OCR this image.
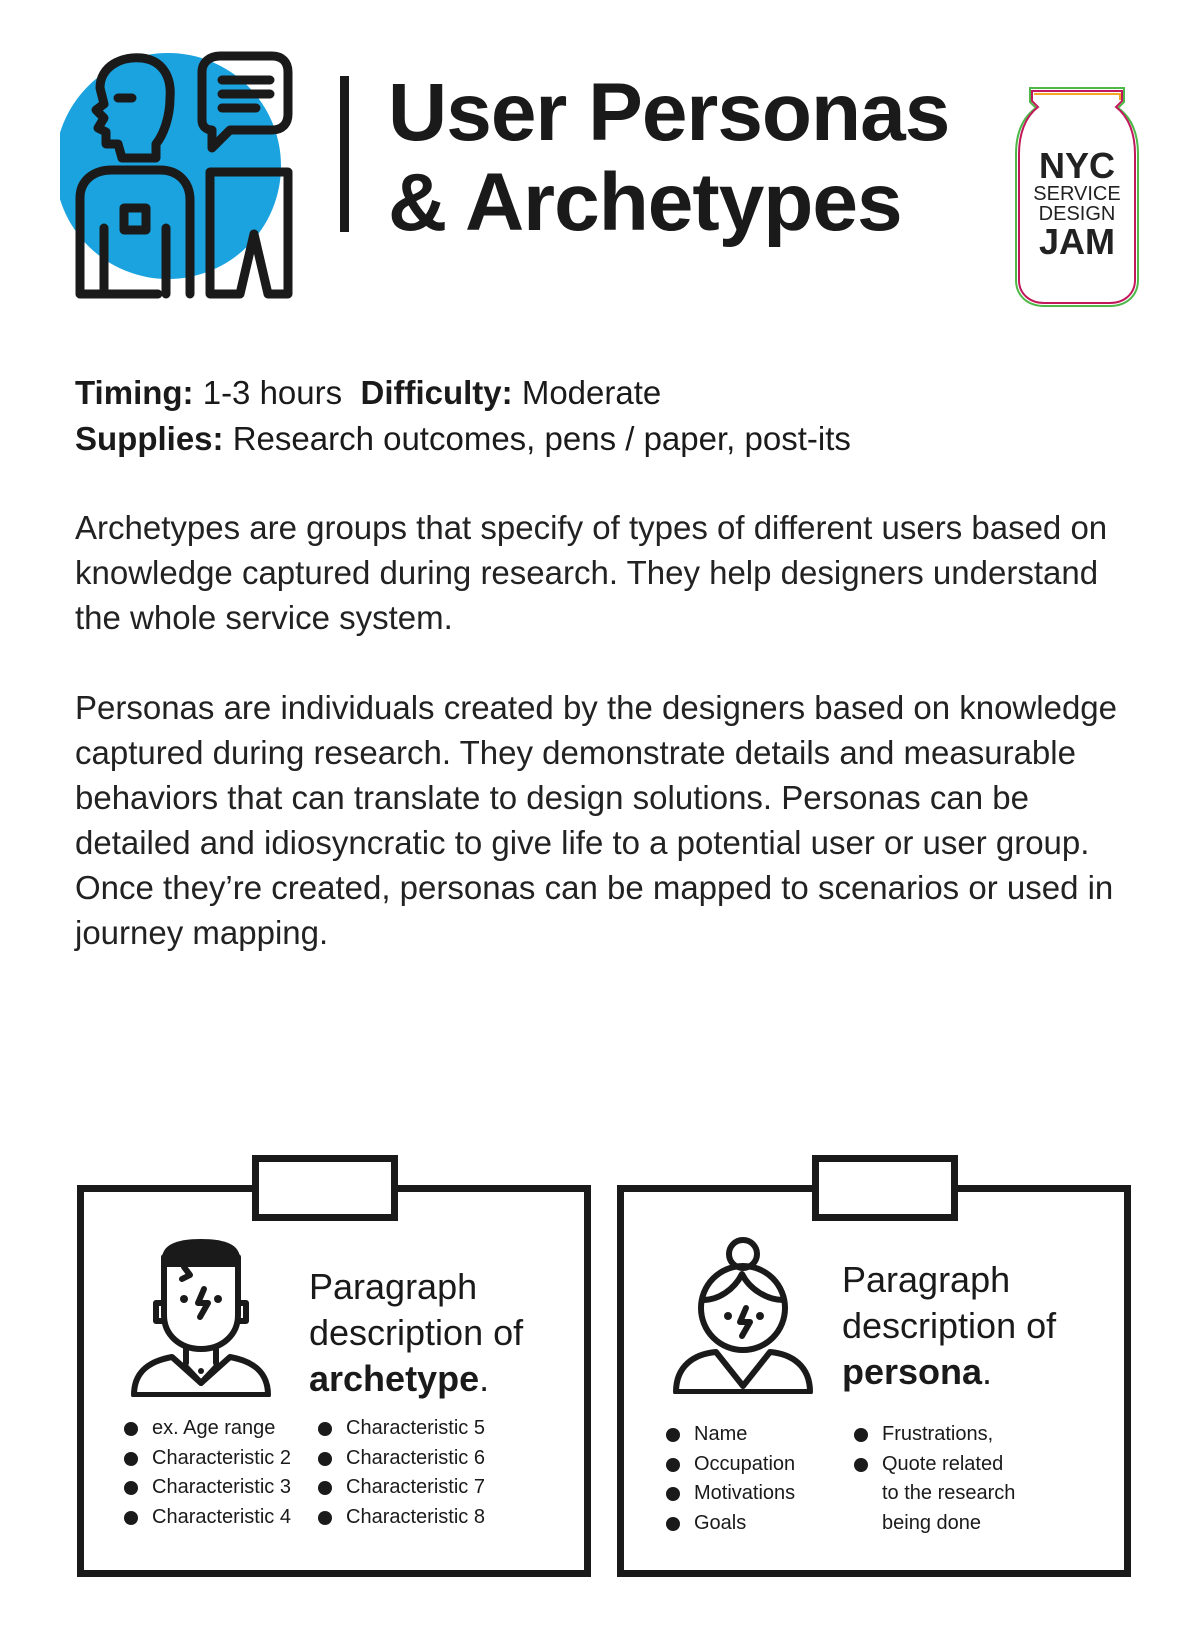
User Personas
& Archetypes	NYC
SERVICE
DESIGN
JAM
Timing: 1-3 hours Difficulty: Moderate
Supplies: Research outcomes, pens / paper, post-its

Archetypes are groups that specify of types of different users based on knowledge captured during research. They help designers understand the whole service system.

Personas are individuals created by the designers based on knowledge captured during research. They demonstrate details and measurable behaviors that can translate to design solutions. Personas can be detailed and idiosyncratic to give life to a potential user or user group. Once they’re created, personas can be mapped to scenarios or used in journey mapping.

Paragraph
description of
archetype.
ex. Age range
Characteristic 2
Characteristic 3
Characteristic 4
Characteristic 5
Characteristic 6
Characteristic 7
Characteristic 8
Paragraph
description of
persona.
Name
Occupation
Motivations
Goals
Frustrations,
Quote related
to the research
being done
